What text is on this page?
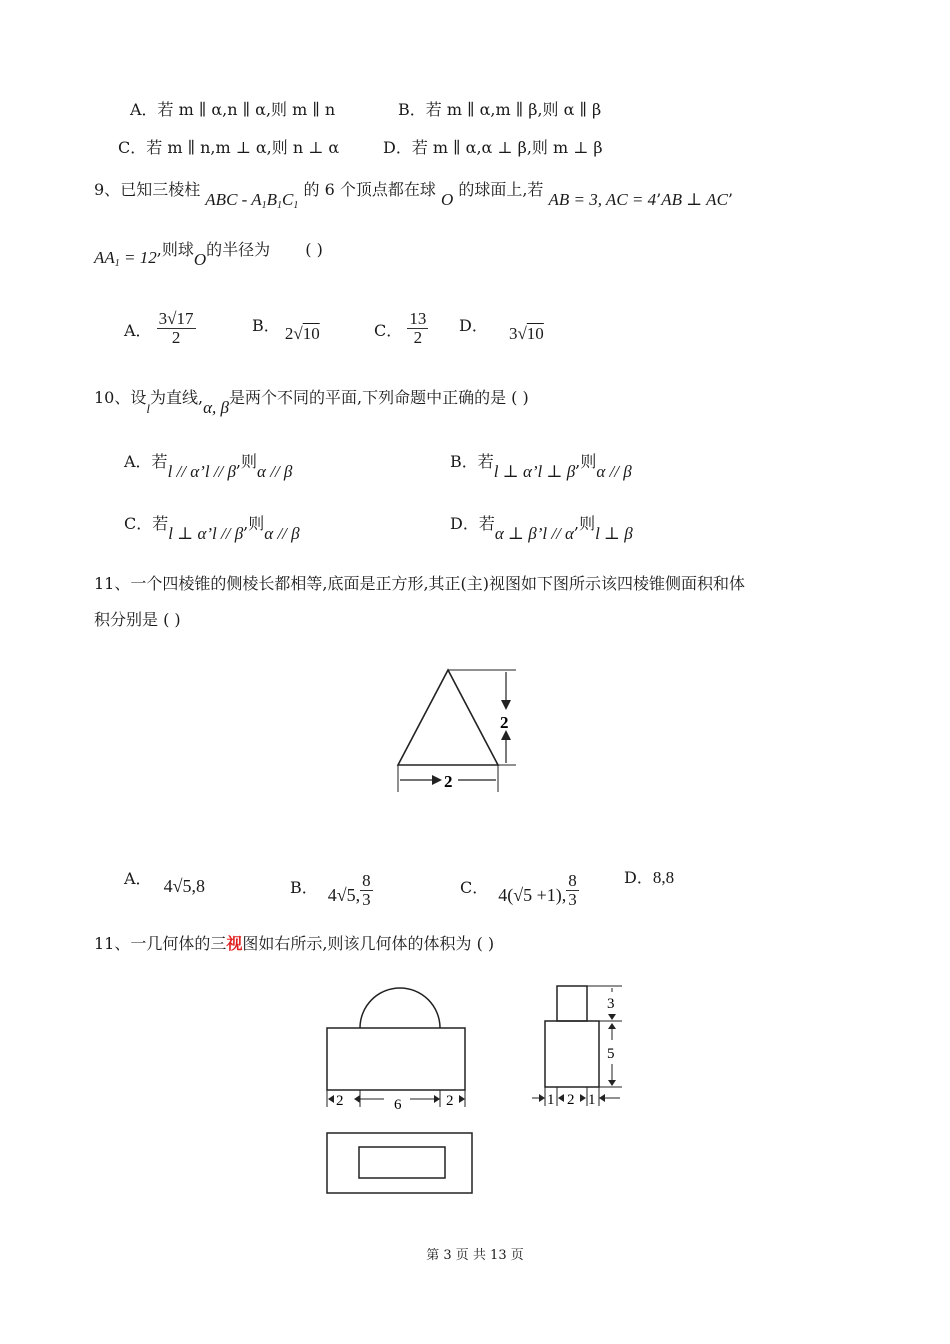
A．若 m ∥ α,n ∥ α,则 m ∥ n	B．若 m ∥ α,m ∥ β,则 α ∥ β
C．若 m ∥ n,m ⊥ α,则 n ⊥ α	D．若 m ∥ α,α ⊥ β,则 m ⊥ β
9、已知三棱柱 ABC - $A_1B_1C_1$ 的 6 个顶点都在球 O 的球面上,若 AB = 3, AC = 4’AB ⊥ AC’
$AA_1 = 12$,则球O的半径为 ( )
A． $\frac{3√17}{2}$	B． 2√10	C． $\frac{13}{2}$ D． 3√10
10、设$_l$为直线,α, β是两个不同的平面,下列命题中正确的是 ( )
A．若l // α’l // β,则α // β
B．若l ⊥ α’l ⊥ β,则α // β
C．若l ⊥ α’l // β,则α // β
D．若α ⊥ β’l // α,则l ⊥ β
11、一个四棱锥的侧棱长都相等,底面是正方形,其正(主)视图如下图所示该四棱锥侧面积和体
积分别是 ( )
2
2
A． 4√5,8	B． 4√5, $\frac{8}{3}$	C． 4(√5 +1), $\frac{8}{3}$	D．8,8
11、一几何体的三视图如右所示,则该几何体的体积为 ( )
2	6	2
3
5
1 2 1
第 3 页 共 13 页
